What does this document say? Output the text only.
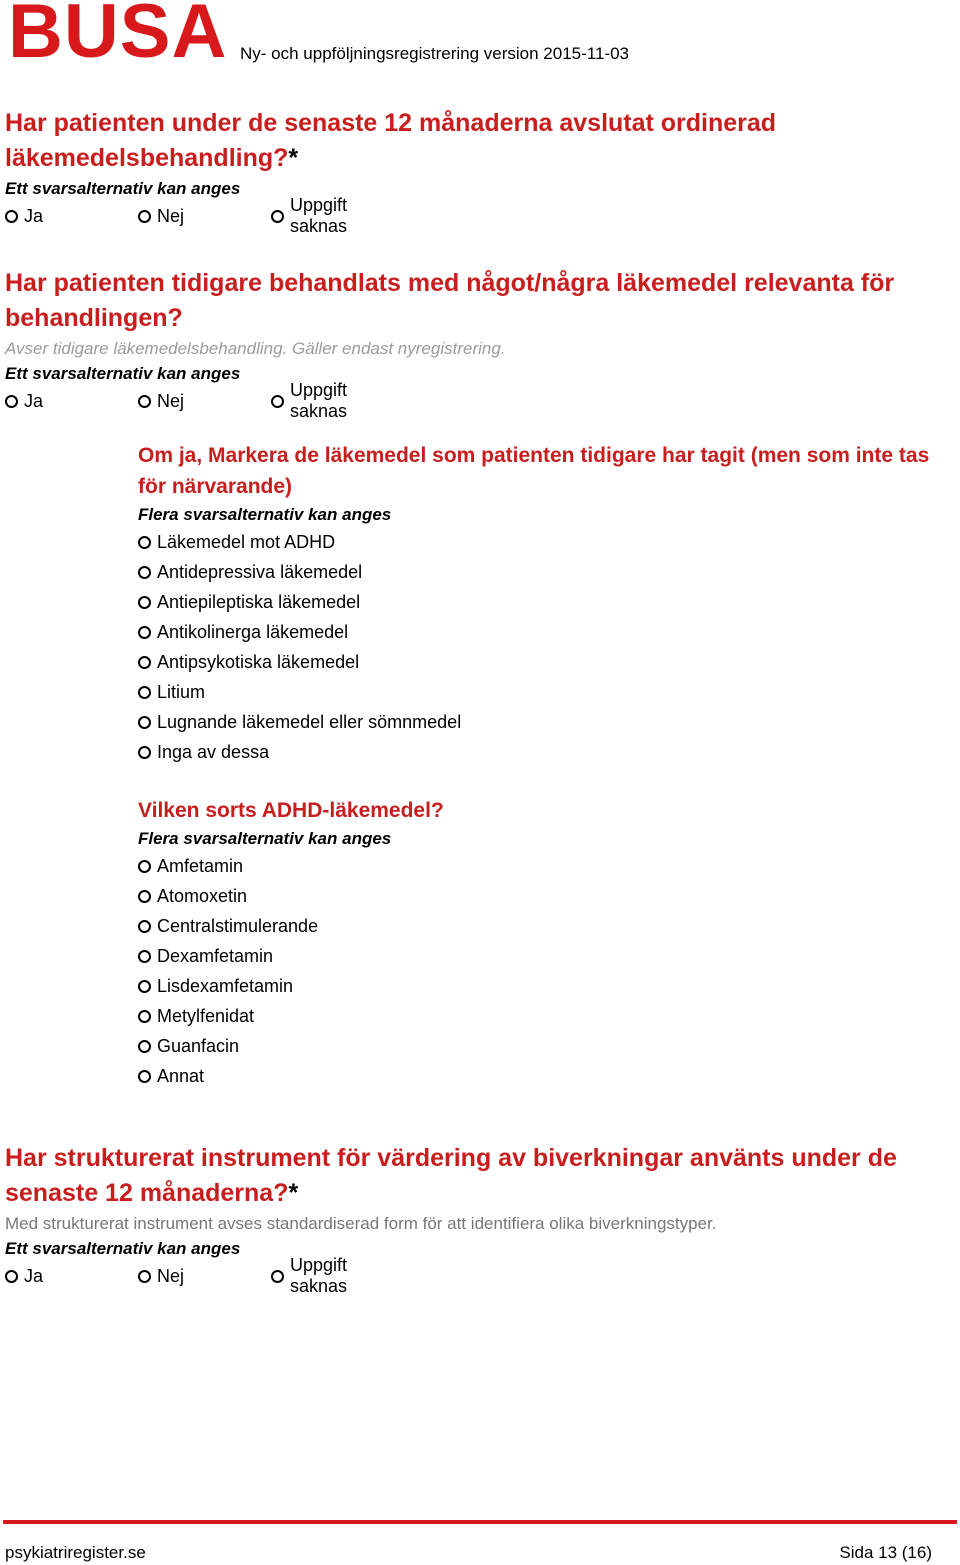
BUSA Ny- och uppföljningsregistrering version 2015-11-03

Har patienten under de senaste 12 månaderna avslutat ordinerad läkemedelsbehandling?*

Ett svarsalternativ kan anges
Ja	Nej
Uppgift saknas

Har patienten tidigare behandlats med något/några läkemedel relevanta för behandlingen?

Avser tidigare läkemedelsbehandling. Gäller endast nyregistrering.
Ett svarsalternativ kan anges
Ja	Nej
Uppgift saknas

Om ja, Markera de läkemedel som patienten tidigare har tagit (men som inte tas för närvarande)

Flera svarsalternativ kan anges
Läkemedel mot ADHD
Antidepressiva läkemedel
Antiepileptiska läkemedel
Antikolinerga läkemedel
Antipsykotiska läkemedel
Litium
Lugnande läkemedel eller sömnmedel
Inga av dessa

Vilken sorts ADHD-läkemedel?

Flera svarsalternativ kan anges
Amfetamin
Atomoxetin
Centralstimulerande
Dexamfetamin
Lisdexamfetamin
Metylfenidat
Guanfacin
Annat

Har strukturerat instrument för värdering av biverkningar använts under de senaste 12 månaderna?*

Med strukturerat instrument avses standardiserad form för att identifiera olika biverkningstyper.
Ett svarsalternativ kan anges
Ja	Nej
Uppgift saknas
psykiatriregister.se	Sida 13 (16)
